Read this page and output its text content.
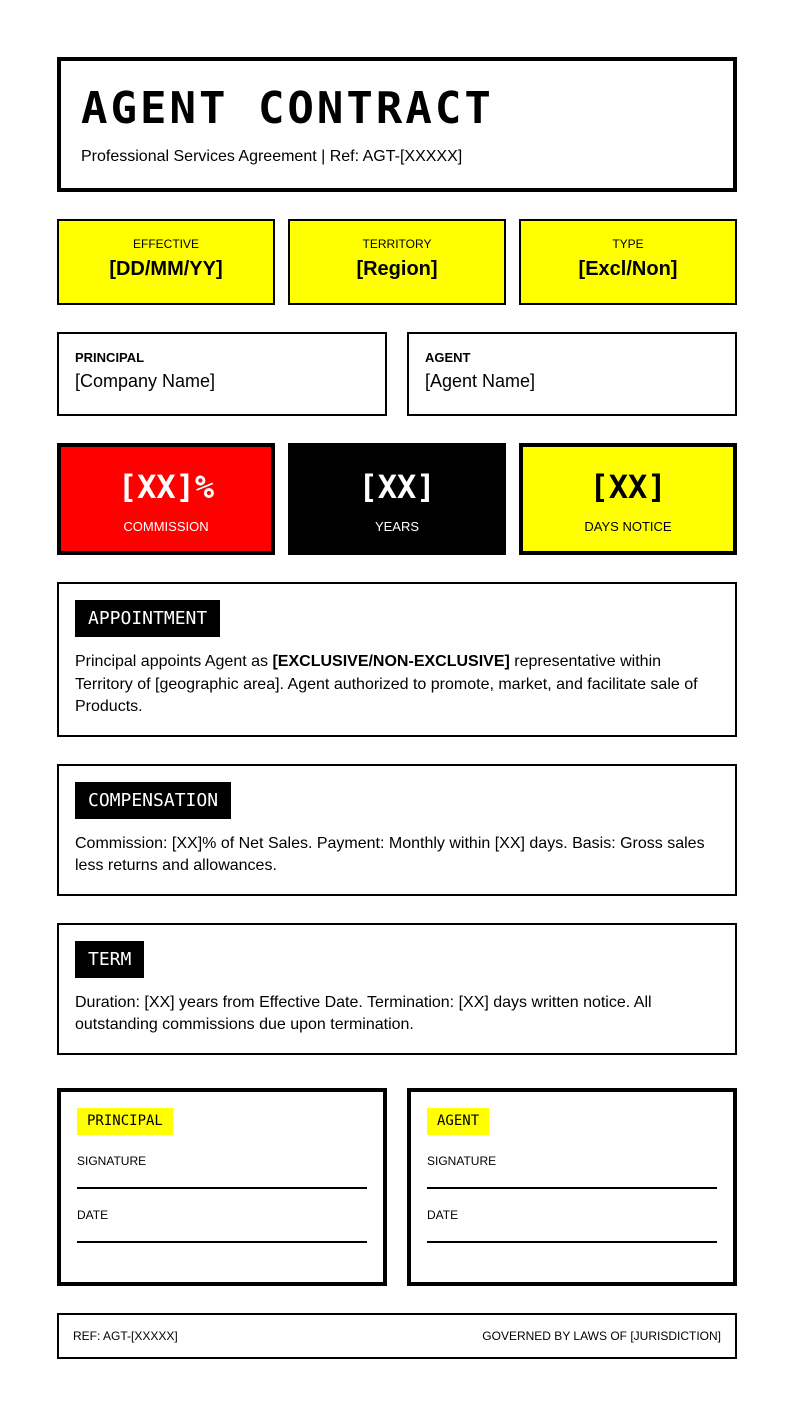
AGENT CONTRACT
Professional Services Agreement | Ref: AGT-[XXXXX]
EFFECTIVE
[DD/MM/YY]
TERRITORY
[Region]
TYPE
[Excl/Non]
PRINCIPAL
[Company Name]
AGENT
[Agent Name]
[XX]%
COMMISSION
[XX]
YEARS
[XX]
DAYS NOTICE
APPOINTMENT
Principal appoints Agent as [EXCLUSIVE/NON-EXCLUSIVE] representative within Territory of [geographic area]. Agent authorized to promote, market, and facilitate sale of Products.
COMPENSATION
Commission: [XX]% of Net Sales. Payment: Monthly within [XX] days. Basis: Gross sales less returns and allowances.
TERM
Duration: [XX] years from Effective Date. Termination: [XX] days written notice. All outstanding commissions due upon termination.
PRINCIPAL
SIGNATURE
DATE
AGENT
SIGNATURE
DATE
REF: AGT-[XXXXX]	GOVERNED BY LAWS OF [JURISDICTION]
